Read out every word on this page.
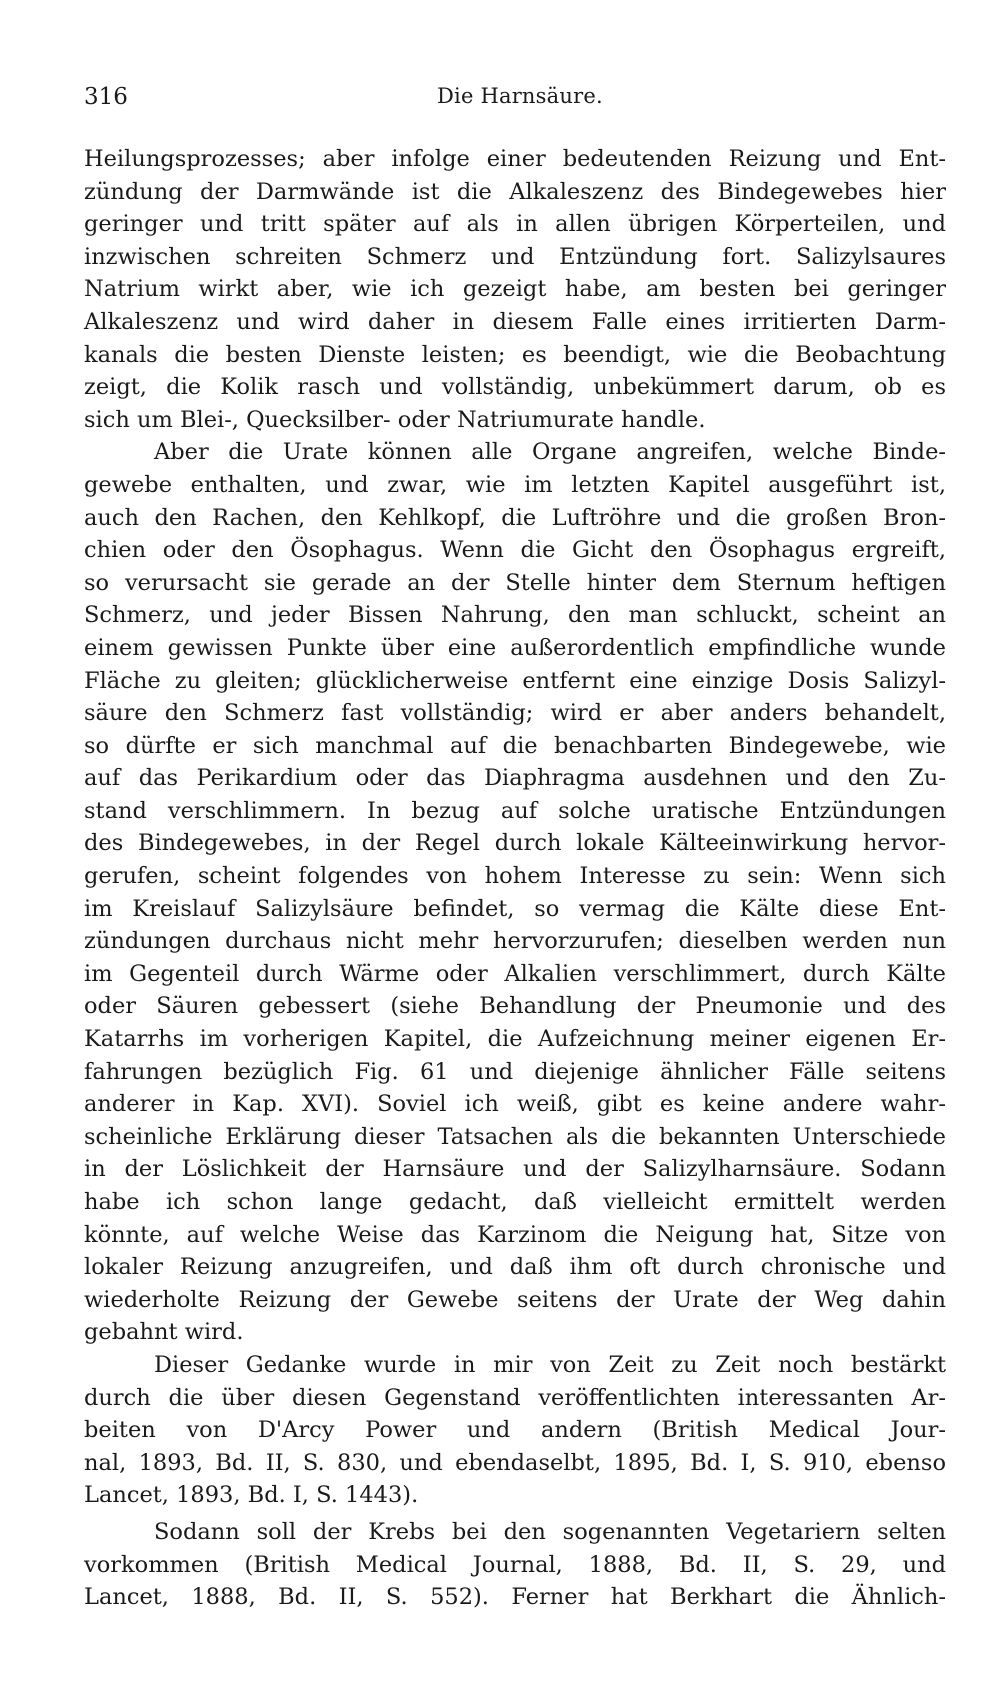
316	Die Harnsäure.
Heilungsprozesses; aber infolge einer bedeutenden Reizung und Ent-
zündung der Darmwände ist die Alkaleszenz des Bindegewebes hier
geringer und tritt später auf als in allen übrigen Körperteilen, und
inzwischen schreiten Schmerz und Entzündung fort. Salizylsaures
Natrium wirkt aber, wie ich gezeigt habe, am besten bei geringer
Alkaleszenz und wird daher in diesem Falle eines irritierten Darm-
kanals die besten Dienste leisten; es beendigt, wie die Beobachtung
zeigt, die Kolik rasch und vollständig, unbekümmert darum, ob es
sich um Blei-, Quecksilber- oder Natriumurate handle.
Aber die Urate können alle Organe angreifen, welche Binde-
gewebe enthalten, und zwar, wie im letzten Kapitel ausgeführt ist,
auch den Rachen, den Kehlkopf, die Luftröhre und die großen Bron-
chien oder den Ösophagus. Wenn die Gicht den Ösophagus ergreift,
so verursacht sie gerade an der Stelle hinter dem Sternum heftigen
Schmerz, und jeder Bissen Nahrung, den man schluckt, scheint an
einem gewissen Punkte über eine außerordentlich empfindliche wunde
Fläche zu gleiten; glücklicherweise entfernt eine einzige Dosis Salizyl-
säure den Schmerz fast vollständig; wird er aber anders behandelt,
so dürfte er sich manchmal auf die benachbarten Bindegewebe, wie
auf das Perikardium oder das Diaphragma ausdehnen und den Zu-
stand verschlimmern. In bezug auf solche uratische Entzündungen
des Bindegewebes, in der Regel durch lokale Kälteeinwirkung hervor-
gerufen, scheint folgendes von hohem Interesse zu sein: Wenn sich
im Kreislauf Salizylsäure befindet, so vermag die Kälte diese Ent-
zündungen durchaus nicht mehr hervorzurufen; dieselben werden nun
im Gegenteil durch Wärme oder Alkalien verschlimmert, durch Kälte
oder Säuren gebessert (siehe Behandlung der Pneumonie und des
Katarrhs im vorherigen Kapitel, die Aufzeichnung meiner eigenen Er-
fahrungen bezüglich Fig. 61 und diejenige ähnlicher Fälle seitens
anderer in Kap. XVI). Soviel ich weiß, gibt es keine andere wahr-
scheinliche Erklärung dieser Tatsachen als die bekannten Unterschiede
in der Löslichkeit der Harnsäure und der Salizylharnsäure. Sodann
habe ich schon lange gedacht, daß vielleicht ermittelt werden
könnte, auf welche Weise das Karzinom die Neigung hat, Sitze von
lokaler Reizung anzugreifen, und daß ihm oft durch chronische und
wiederholte Reizung der Gewebe seitens der Urate der Weg dahin
gebahnt wird.
Dieser Gedanke wurde in mir von Zeit zu Zeit noch bestärkt
durch die über diesen Gegenstand veröffentlichten interessanten Ar-
beiten von D'Arcy Power und andern (British Medical Jour-
nal, 1893, Bd. II, S. 830, und ebendaselbt, 1895, Bd. I, S. 910, ebenso
Lancet, 1893, Bd. I, S. 1443).
Sodann soll der Krebs bei den sogenannten Vegetariern selten
vorkommen (British Medical Journal, 1888, Bd. II, S. 29, und
Lancet, 1888, Bd. II, S. 552). Ferner hat Berkhart die Ähnlich-
